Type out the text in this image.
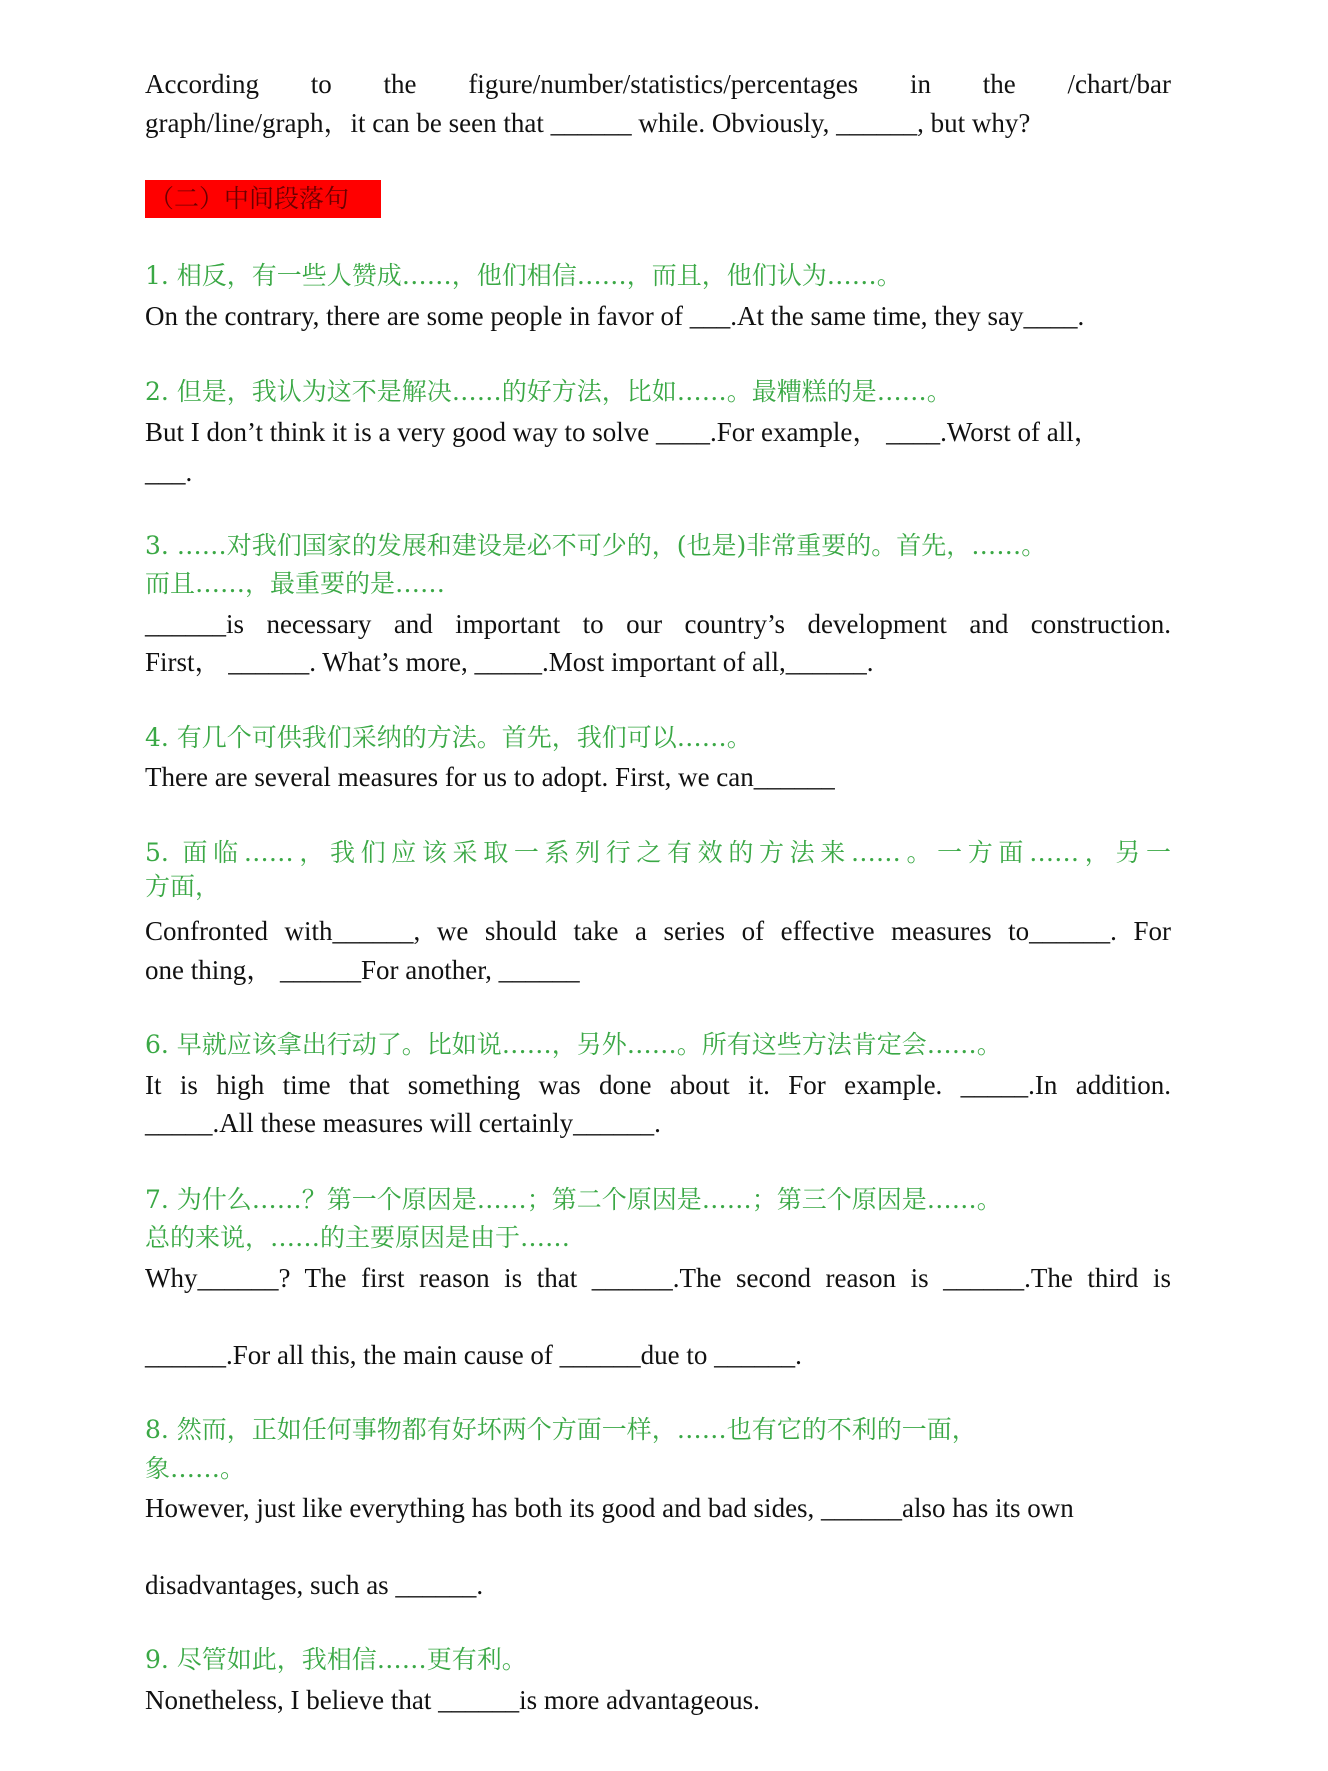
According to the figure/number/statistics/percentages in the /chart/bar
graph/line/graph，it can be seen that ______ while. Obviously, ______, but why?
（二）中间段落句
1. 相反，有一些人赞成……，他们相信……，而且，他们认为……。
On the contrary, there are some people in favor of ___.At the same time, they say____.
2. 但是，我认为这不是解决……的好方法，比如……。最糟糕的是……。
But I don’t think it is a very good way to solve ____.For example， ____.Worst of all，
___.
3. ……对我们国家的发展和建设是必不可少的，(也是)非常重要的。首先，……。
而且……，最重要的是……
______is necessary and important to our country’s development and construction.
First， ______. What’s more, _____.Most important of all,______.
4. 有几个可供我们采纳的方法。首先，我们可以……。
There are several measures for us to adopt. First, we can______
5. 面临……，我们应该采取一系列行之有效的方法来……。一方面……，另一
方面，
Confronted with______, we should take a series of effective measures to______. For
one thing， ______For another, ______
6. 早就应该拿出行动了。比如说……，另外……。所有这些方法肯定会……。
It is high time that something was done about it. For example. _____.In addition.
_____.All these measures will certainly______.
7. 为什么……？第一个原因是……；第二个原因是……；第三个原因是……。
总的来说，……的主要原因是由于……
Why______? The first reason is that ______.The second reason is ______.The third is
______.For all this, the main cause of ______due to ______.
8. 然而，正如任何事物都有好坏两个方面一样，……也有它的不利的一面，
象……。
However, just like everything has both its good and bad sides, ______also has its own
disadvantages, such as ______.
9. 尽管如此，我相信……更有利。
Nonetheless, I believe that ______is more advantageous.
